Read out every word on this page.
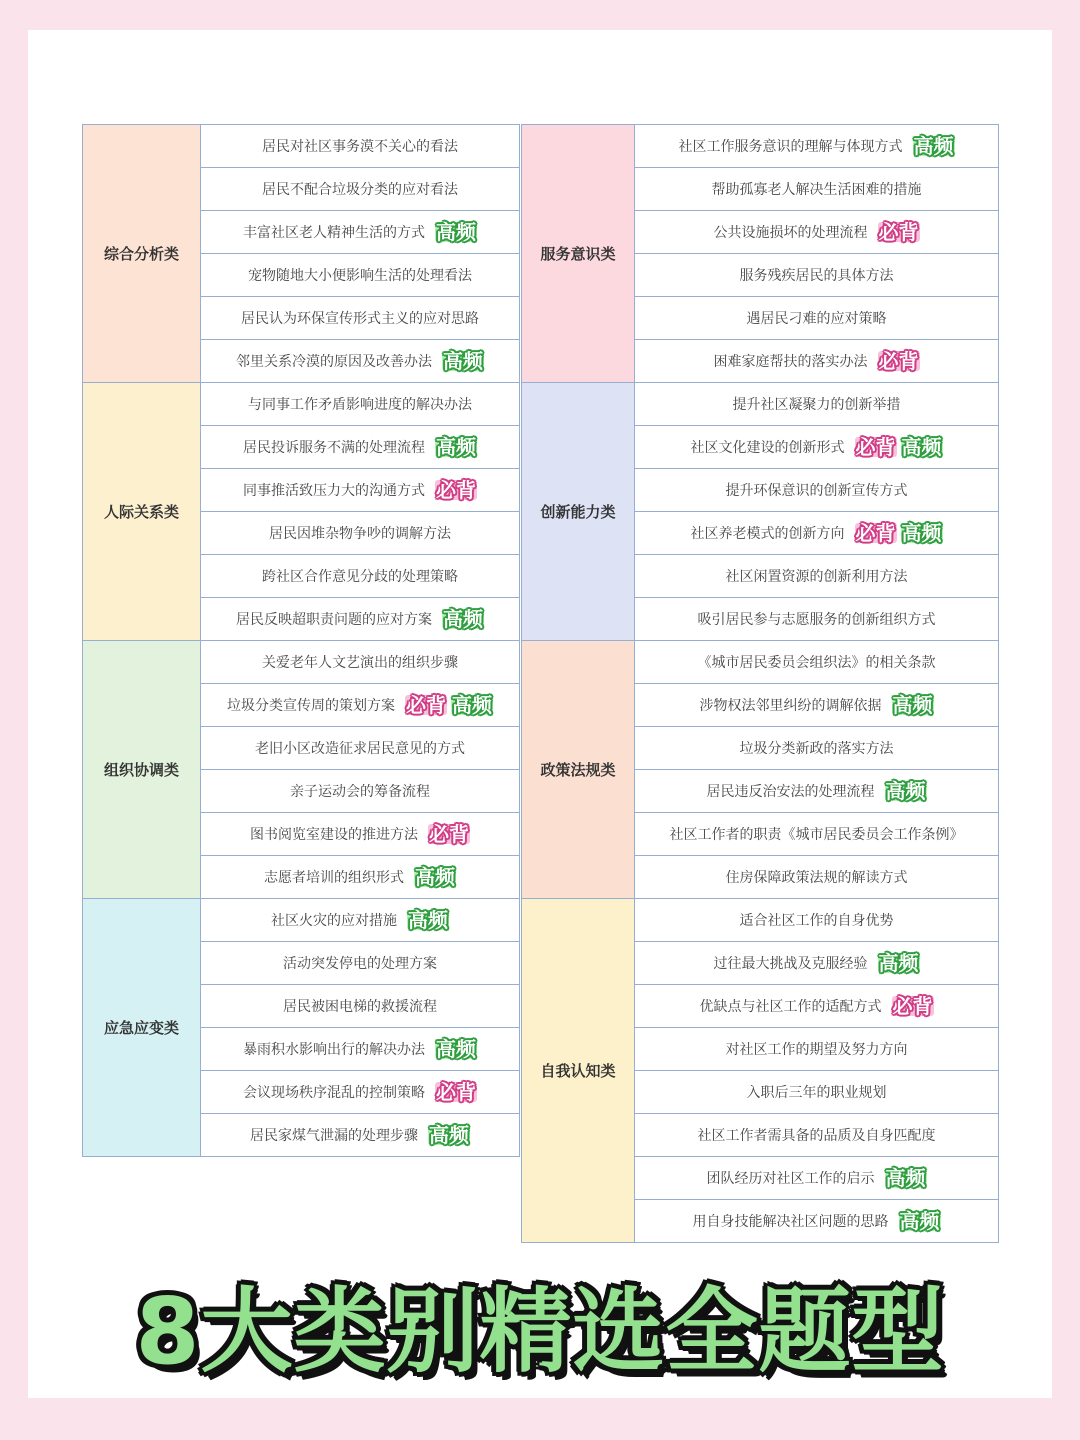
综合分析类
居民对社区事务漠不关心的看法
居民不配合垃圾分类的应对看法
丰富社区老人精神生活的方式 高频
宠物随地大小便影响生活的处理看法
居民认为环保宣传形式主义的应对思路
邻里关系冷漠的原因及改善办法 高频
人际关系类
与同事工作矛盾影响进度的解决办法
居民投诉服务不满的处理流程 高频
同事推活致压力大的沟通方式 必背
居民因堆杂物争吵的调解方法
跨社区合作意见分歧的处理策略
居民反映超职责问题的应对方案 高频
组织协调类
关爱老年人文艺演出的组织步骤
垃圾分类宣传周的策划方案 必背 高频
老旧小区改造征求居民意见的方式
亲子运动会的筹备流程
图书阅览室建设的推进方法 必背
志愿者培训的组织形式 高频
应急应变类
社区火灾的应对措施 高频
活动突发停电的处理方案
居民被困电梯的救援流程
暴雨积水影响出行的解决办法 高频
会议现场秩序混乱的控制策略 必背
居民家煤气泄漏的处理步骤 高频
服务意识类
社区工作服务意识的理解与体现方式 高频
帮助孤寡老人解决生活困难的措施
公共设施损坏的处理流程 必背
服务残疾居民的具体方法
遇居民刁难的应对策略
困难家庭帮扶的落实办法 必背
创新能力类
提升社区凝聚力的创新举措
社区文化建设的创新形式 必背 高频
提升环保意识的创新宣传方式
社区养老模式的创新方向 必背 高频
社区闲置资源的创新利用方法
吸引居民参与志愿服务的创新组织方式
政策法规类
《城市居民委员会组织法》的相关条款
涉物权法邻里纠纷的调解依据 高频
垃圾分类新政的落实方法
居民违反治安法的处理流程 高频
社区工作者的职责《城市居民委员会工作条例》
住房保障政策法规的解读方式
自我认知类
适合社区工作的自身优势
过往最大挑战及克服经验 高频
优缺点与社区工作的适配方式 必背
对社区工作的期望及努力方向
入职后三年的职业规划
社区工作者需具备的品质及自身匹配度
团队经历对社区工作的启示 高频
用自身技能解决社区问题的思路 高频
8大类别精选全题型
